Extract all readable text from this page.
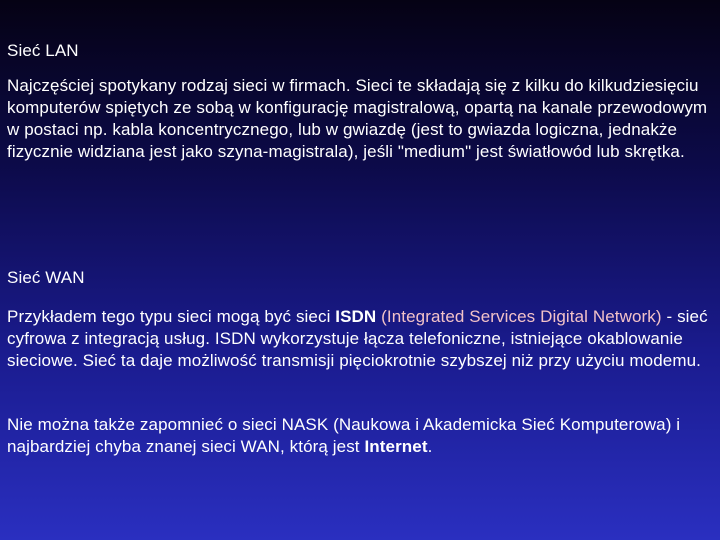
Sieć LAN
Najczęściej spotykany rodzaj sieci w firmach. Sieci te składają się z kilku do kilkudziesięciu komputerów spiętych ze sobą w konfigurację magistralową, opartą na kanale przewodowym w postaci np. kabla koncentrycznego, lub w gwiazdę (jest to gwiazda logiczna, jednakże fizycznie widziana jest jako szyna-magistrala), jeśli "medium" jest światłowód lub skrętka.
Sieć WAN
Przykładem tego typu sieci mogą być sieci ISDN (Integrated Services Digital Network) - sieć cyfrowa z integracją usług. ISDN wykorzystuje łącza telefoniczne, istniejące okablowanie sieciowe. Sieć ta daje możliwość transmisji pięciokrotnie szybszej niż przy użyciu modemu.
Nie można także zapomnieć o sieci NASK (Naukowa i Akademicka Sieć Komputerowa) i najbardziej chyba znanej sieci WAN, którą jest Internet.
